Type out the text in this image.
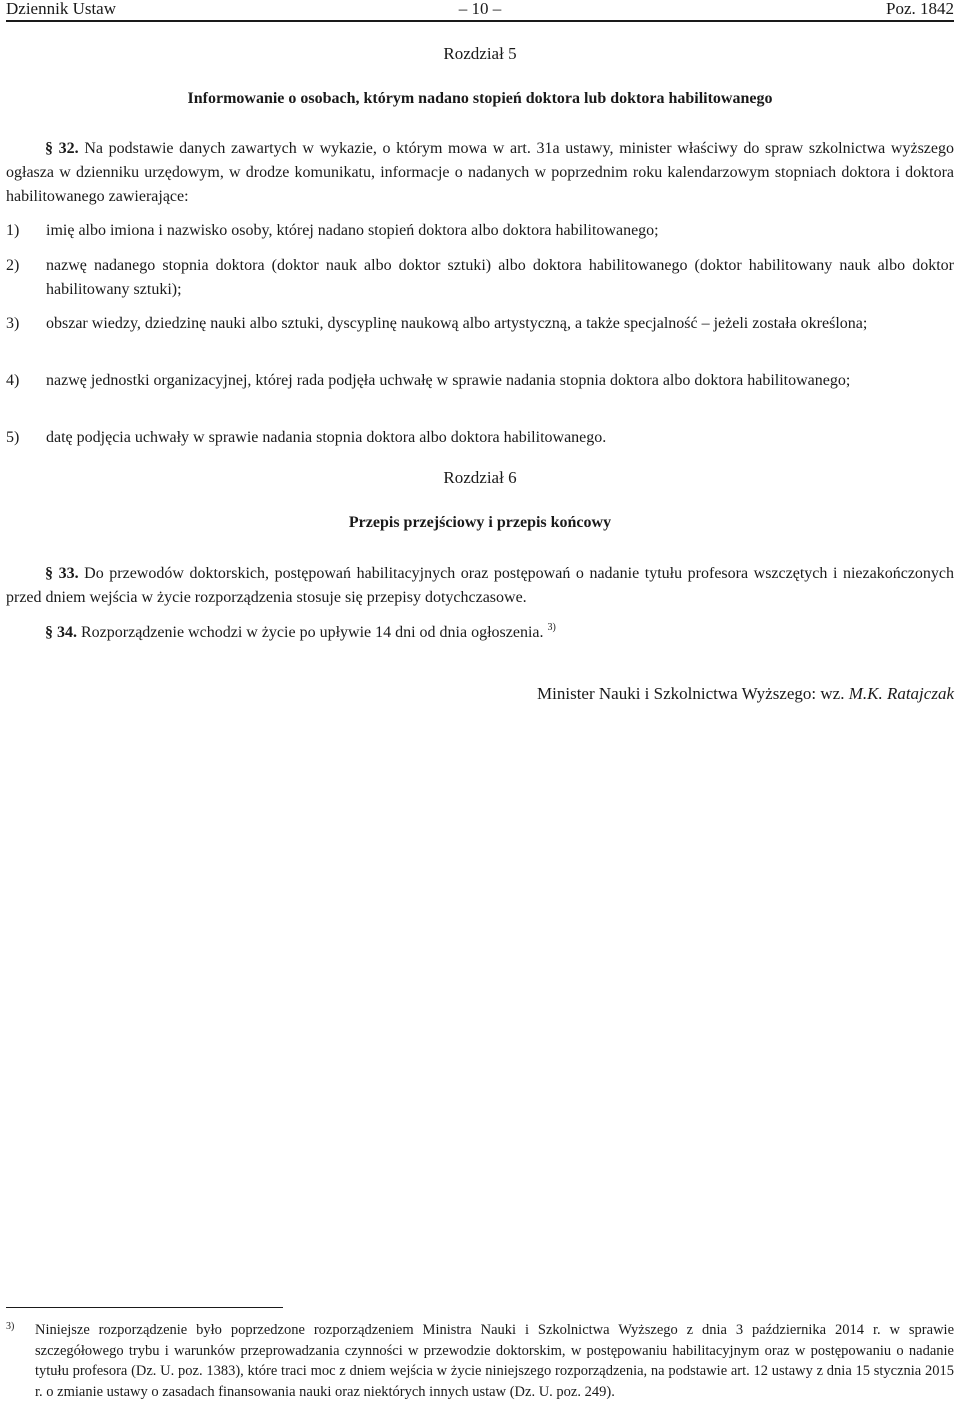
Dziennik Ustaw	– 10 –	Poz. 1842
Rozdział 5
Informowanie o osobach, którym nadano stopień doktora lub doktora habilitowanego
§ 32. Na podstawie danych zawartych w wykazie, o którym mowa w art. 31a ustawy, minister właściwy do spraw szkolnictwa wyższego ogłasza w dzienniku urzędowym, w drodze komunikatu, informacje o nadanych w poprzednim roku kalendarzowym stopniach doktora i doktora habilitowanego zawierające:
1)	imię albo imiona i nazwisko osoby, której nadano stopień doktora albo doktora habilitowanego;
2)	nazwę nadanego stopnia doktora (doktor nauk albo doktor sztuki) albo doktora habilitowanego (doktor habilitowany nauk albo doktor habilitowany sztuki);
3)	obszar wiedzy, dziedzinę nauki albo sztuki, dyscyplinę naukową albo artystyczną, a także specjalność – jeżeli została określona;
4)	nazwę jednostki organizacyjnej, której rada podjęła uchwałę w sprawie nadania stopnia doktora albo doktora habilitowanego;
5)	datę podjęcia uchwały w sprawie nadania stopnia doktora albo doktora habilitowanego.
Rozdział 6
Przepis przejściowy i przepis końcowy
§ 33. Do przewodów doktorskich, postępowań habilitacyjnych oraz postępowań o nadanie tytułu profesora wszczętych i niezakończonych przed dniem wejścia w życie rozporządzenia stosuje się przepisy dotychczasowe.
§ 34. Rozporządzenie wchodzi w życie po upływie 14 dni od dnia ogłoszenia. $^{3)}$
Minister Nauki i Szkolnictwa Wyższego: wz. M.K. Ratajczak
3)	Niniejsze rozporządzenie było poprzedzone rozporządzeniem Ministra Nauki i Szkolnictwa Wyższego z dnia 3 października 2014 r. w sprawie szczegółowego trybu i warunków przeprowadzania czynności w przewodzie doktorskim, w postępowaniu habilitacyjnym oraz w postępowaniu o nadanie tytułu profesora (Dz. U. poz. 1383), które traci moc z dniem wejścia w życie niniejszego rozporządzenia, na podstawie art. 12 ustawy z dnia 15 stycznia 2015 r. o zmianie ustawy o zasadach finansowania nauki oraz niektórych innych ustaw (Dz. U. poz. 249).
